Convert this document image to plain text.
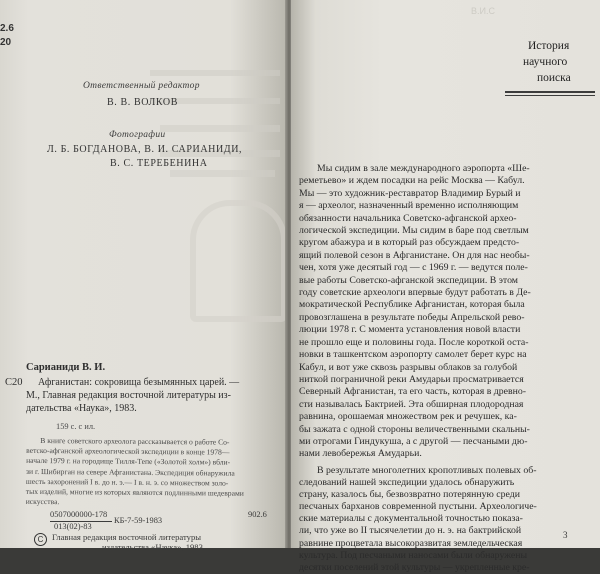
2.6
20
Ответственный редактор
В. В. ВОЛКОВ
Фотографии
Л. Б. БОГДАНОВА, В. И. САРИАНИДИ,
В. С. ТЕРЕБЕНИНА
Сарианиди В. И.
С20 Афганистан: сокровища безымянных царей. —
М., Главная редакция восточной литературы из-
дательства «Наука», 1983.
159 с. с ил.
В книге советского археолога рассказывается о работе Со-
ветско-афганской археологической экспедиции в конце 1978—
начале 1979 г. на городище Тилля-Тепе («Золотой холм») вбли-
зи г. Шибирган на севере Афганистана. Экспедиция обнаружила
шесть захоронений I в. до н. э.— I в. н. э. со множеством золо-
тых изделий, многие из которых являются подлинными шедеврами
искусства.
0507000000-178
013(02)-83
КБ-7-59-1983
902.6
C	Главная редакция восточной литературы
издательства «Наука», 1983.
В.И.С
История
научного
поиска
Мы сидим в зале международного аэропорта «Ше-
реметьево» и ждем посадки на рейс Москва — Кабул.
Мы — это художник-реставратор Владимир Бурый и
я — археолог, назначенный временно исполняющим
обязанности начальника Советско-афганской архео-
логической экспедиции. Мы сидим в баре под светлым
кругом абажура и в который раз обсуждаем предсто-
ящий полевой сезон в Афганистане. Он для нас необы-
чен, хотя уже десятый год — с 1969 г. — ведутся поле-
вые работы Советско-афганской экспедиции. В этом
году советские археологи впервые будут работать в Де-
мократической Республике Афганистан, которая была
провозглашена в результате победы Апрельской рево-
люции 1978 г. С момента установления новой власти
не прошло еще и половины года. После короткой оста-
новки в ташкентском аэропорту самолет берет курс на
Кабул, и вот уже сквозь разрывы облаков за голубой
ниткой пограничной реки Амударьи просматривается
Северный Афганистан, та его часть, которая в древно-
сти называлась Бактрией. Эта обширная плодородная
равнина, орошаемая множеством рек и речушек, ка-
бы зажата с одной стороны величественными скальны-
ми отрогами Гиндукуша, а с другой — песчаными дю-
нами левобережья Амударьи.
В результате многолетних кропотливых полевых об-
следований нашей экспедиции удалось обнаружить
страну, казалось бы, безвозвратно потерянную среди
песчаных барханов современной пустыни. Археологиче-
ские материалы с документальной точностью показа-
ли, что уже во II тысячелетии до н. э. на бактрийской
равнине процветала высокоразвитая земледельческая
культура. Под песчаными наносами были обнаружены
десятки поселений этой культуры — укрепленные кре-
3
